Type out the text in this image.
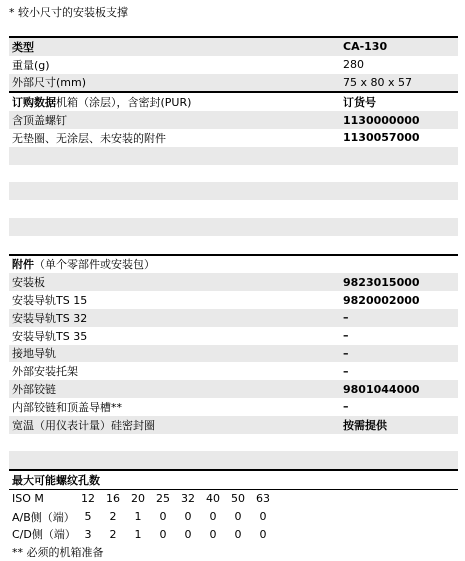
* 较小尺寸的安装板支撑
类型	CA-130
重量(g)	280
外部尺寸(mm)	75 x 80 x 57
订购数据机箱（涂层），含密封(PUR)	订货号
含顶盖螺钉	1130000000
无垫圈、无涂层、未安装的附件	1130057000
附件（单个零部件或安装包）
安装板	9823015000
安装导轨TS 15	9820002000
安装导轨TS 32	–
安装导轨TS 35	–
接地导轨	–
外部安装托架	–
外部铰链	9801044000
内部铰链和顶盖导槽**	–
宽温（用仪表计量）硅密封圈	按需提供
最大可能螺纹孔数
ISO M	12	16	20	25	32	40	50	63
A/B侧（端） 5	2	1	0	0	0	0	0
C/D侧（端） 3	2	1	0	0	0	0	0
** 必须的机箱准备
